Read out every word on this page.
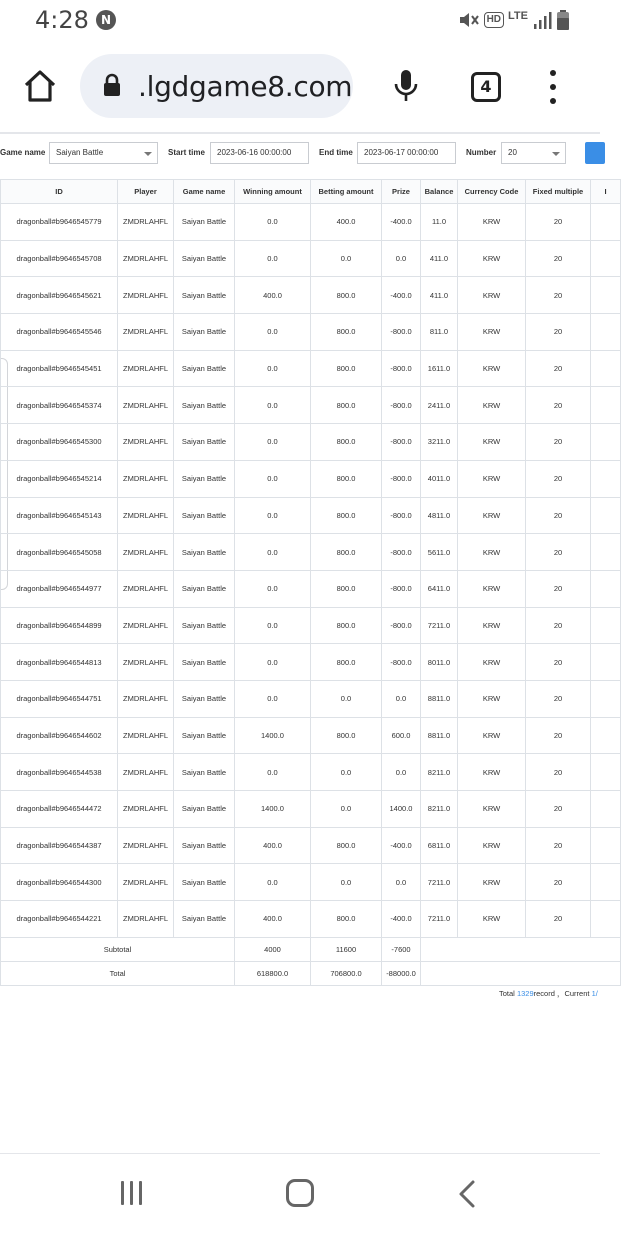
4:28	N	HD LTE
.lgdgame8.com	4
Game name	Saiyan Battle	Start time	2023-06-16 00:00:00	End time	2023-06-17 00:00:00	Number	20
ID	Player	Game name	Winning amount	Betting amount	Prize	Balance	Currency Code	Fixed multiple	I
dragonball#b9646545779	ZMDRLAHFL	Saiyan Battle	0.0	400.0	-400.0	11.0	KRW	20	
dragonball#b9646545708	ZMDRLAHFL	Saiyan Battle	0.0	0.0	0.0	411.0	KRW	20	
dragonball#b9646545621	ZMDRLAHFL	Saiyan Battle	400.0	800.0	-400.0	411.0	KRW	20	
dragonball#b9646545546	ZMDRLAHFL	Saiyan Battle	0.0	800.0	-800.0	811.0	KRW	20	
dragonball#b9646545451	ZMDRLAHFL	Saiyan Battle	0.0	800.0	-800.0	1611.0	KRW	20	
dragonball#b9646545374	ZMDRLAHFL	Saiyan Battle	0.0	800.0	-800.0	2411.0	KRW	20	
dragonball#b9646545300	ZMDRLAHFL	Saiyan Battle	0.0	800.0	-800.0	3211.0	KRW	20	
dragonball#b9646545214	ZMDRLAHFL	Saiyan Battle	0.0	800.0	-800.0	4011.0	KRW	20	
dragonball#b9646545143	ZMDRLAHFL	Saiyan Battle	0.0	800.0	-800.0	4811.0	KRW	20	
dragonball#b9646545058	ZMDRLAHFL	Saiyan Battle	0.0	800.0	-800.0	5611.0	KRW	20	
dragonball#b9646544977	ZMDRLAHFL	Saiyan Battle	0.0	800.0	-800.0	6411.0	KRW	20	
dragonball#b9646544899	ZMDRLAHFL	Saiyan Battle	0.0	800.0	-800.0	7211.0	KRW	20	
dragonball#b9646544813	ZMDRLAHFL	Saiyan Battle	0.0	800.0	-800.0	8011.0	KRW	20	
dragonball#b9646544751	ZMDRLAHFL	Saiyan Battle	0.0	0.0	0.0	8811.0	KRW	20	
dragonball#b9646544602	ZMDRLAHFL	Saiyan Battle	1400.0	800.0	600.0	8811.0	KRW	20	
dragonball#b9646544538	ZMDRLAHFL	Saiyan Battle	0.0	0.0	0.0	8211.0	KRW	20	
dragonball#b9646544472	ZMDRLAHFL	Saiyan Battle	1400.0	0.0	1400.0	8211.0	KRW	20	
dragonball#b9646544387	ZMDRLAHFL	Saiyan Battle	400.0	800.0	-400.0	6811.0	KRW	20	
dragonball#b9646544300	ZMDRLAHFL	Saiyan Battle	0.0	0.0	0.0	7211.0	KRW	20	
dragonball#b9646544221	ZMDRLAHFL	Saiyan Battle	400.0	800.0	-400.0	7211.0	KRW	20	
Subtotal			4000	11600	-7600				
Total			618800.0	706800.0	-88000.0				
Total 1329record ，Current 1/
